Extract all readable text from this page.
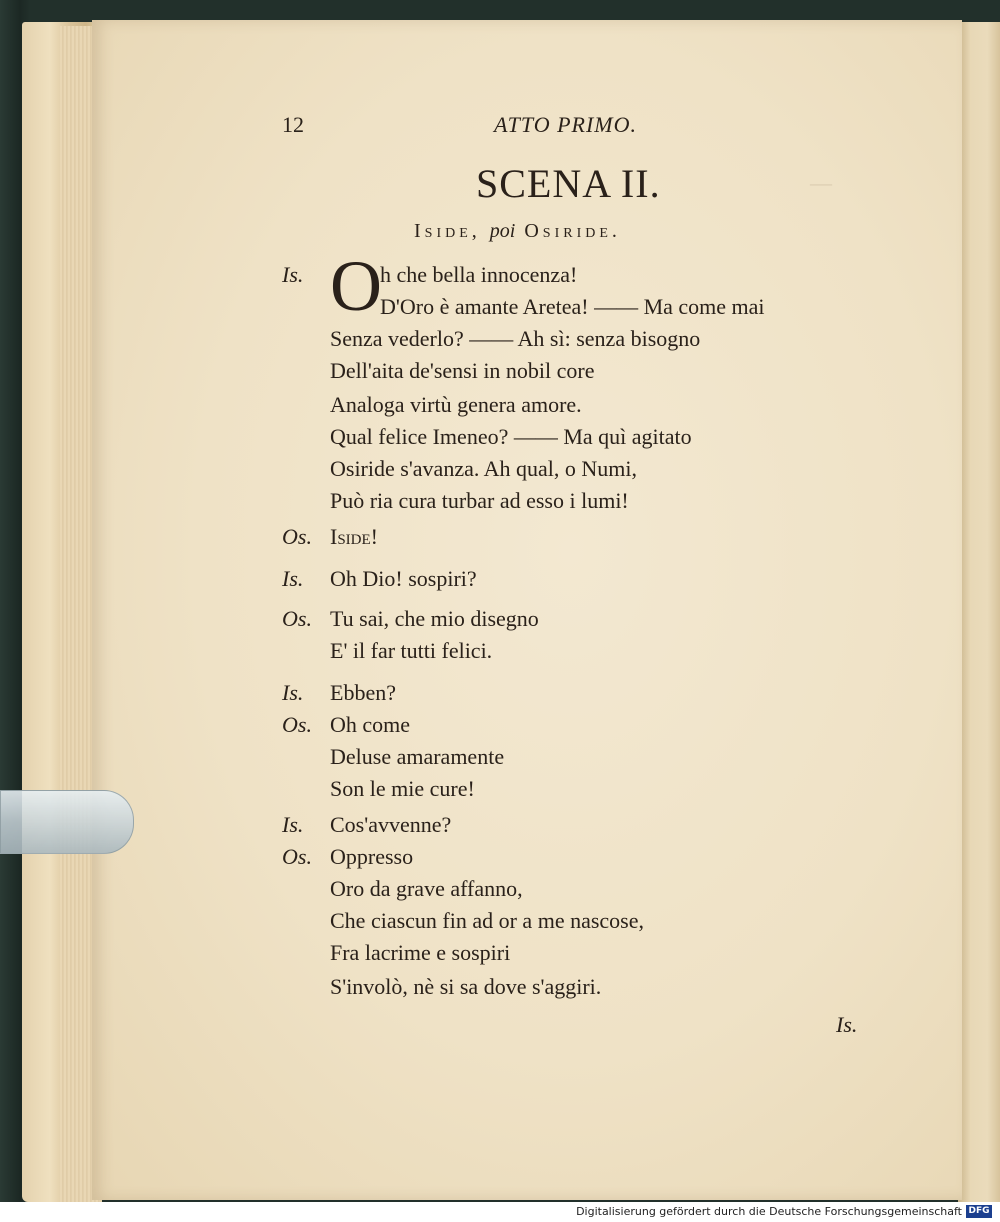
—
12	ATTO PRIMO.
SCENA II.
Iside, poi Osiride.
Is.
Os.
Is.
Os.
Is.
Os.
Is.
Os.
O
h che bella innocenza!
D'Oro è amante Aretea! —— Ma come mai
Senza vederlo? —— Ah sì: senza bisogno
Dell'aita de'sensi in nobil core
Analoga virtù genera amore.
Qual felice Imeneo? —— Ma quì agitato
Osiride s'avanza. Ah qual, o Numi,
Può ria cura turbar ad esso i lumi!
Iside!
Oh Dio! sospiri?
Tu sai, che mio disegno
E' il far tutti felici.
Ebben?
Oh come
Deluse amaramente
Son le mie cure!
Cos'avvenne?
Oppresso
Oro da grave affanno,
Che ciascun fin ad or a me nascose,
Fra lacrime e sospiri
S'involò, nè si sa dove s'aggiri.
Is.
Digitalisierung gefördert durch die Deutsche Forschungsgemeinschaft DFG
